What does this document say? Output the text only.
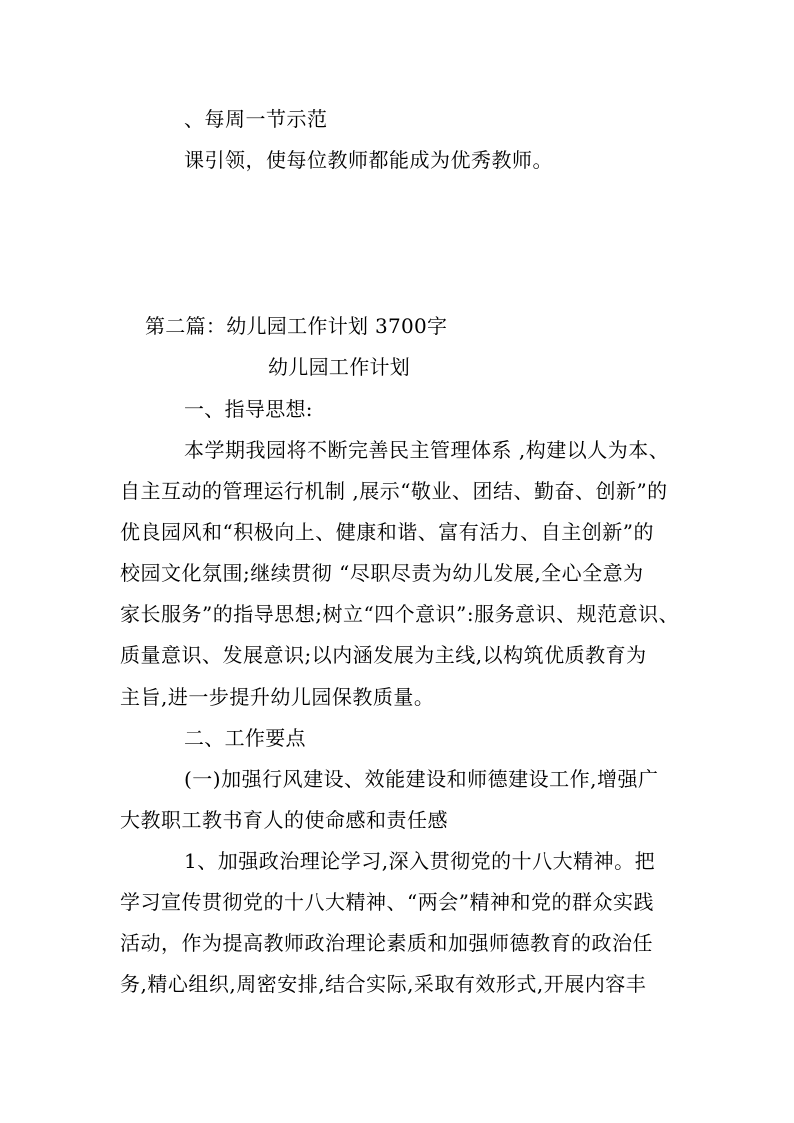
、每周一节示范
课引领，使每位教师都能成为优秀教师。
第二篇：幼儿园工作计划 3700字
幼儿园工作计划
一、指导思想:
本学期我园将不断完善民主管理体系 ,构建以人为本、
自主互动的管理运行机制 ,展示“敬业、团结、勤奋、创新”的
优良园风和“积极向上、健康和谐、富有活力、自主创新”的
校园文化氛围;继续贯彻 “尽职尽责为幼儿发展,全心全意为
家长服务”的指导思想;树立“四个意识”:服务意识、规范意识、
质量意识、发展意识;以内涵发展为主线,以构筑优质教育为
主旨,进一步提升幼儿园保教质量。
二、工作要点
(一)加强行风建设、效能建设和师德建设工作,增强广
大教职工教书育人的使命感和责任感
1、加强政治理论学习,深入贯彻党的十八大精神。把
学习宣传贯彻党的十八大精神、“两会”精神和党的群众实践
活动，作为提高教师政治理论素质和加强师德教育的政治任
务,精心组织,周密安排,结合实际,采取有效形式,开展内容丰
